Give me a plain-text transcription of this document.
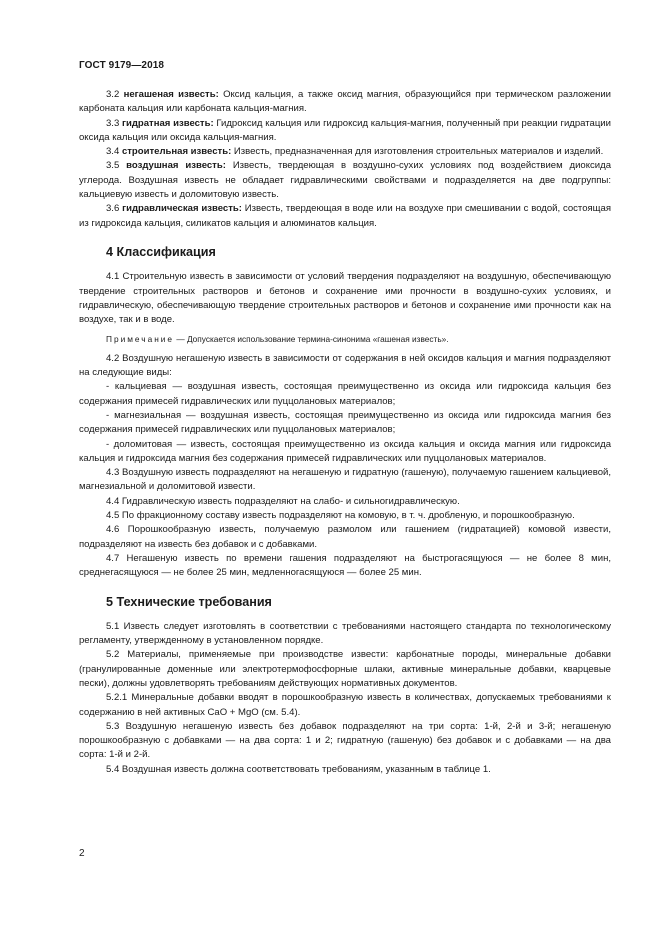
ГОСТ 9179—2018

3.2 негашеная известь: Оксид кальция, а также оксид магния, образующийся при термическом разложении карбоната кальция или карбоната кальция-магния.

3.3 гидратная известь: Гидроксид кальция или гидроксид кальция-магния, полученный при реакции гидратации оксида кальция или оксида кальция-магния.

3.4 строительная известь: Известь, предназначенная для изготовления строительных материалов и изделий.

3.5 воздушная известь: Известь, твердеющая в воздушно-сухих условиях под воздействием диоксида углерода. Воздушная известь не обладает гидравлическими свойствами и подразделяется на две подгруппы: кальциевую известь и доломитовую известь.

3.6 гидравлическая известь: Известь, твердеющая в воде или на воздухе при смешивании с водой, состоящая из гидроксида кальция, силикатов кальция и алюминатов кальция.

4 Классификация

4.1 Строительную известь в зависимости от условий твердения подразделяют на воздушную, обеспечивающую твердение строительных растворов и бетонов и сохранение ими прочности в воздушно-сухих условиях, и гидравлическую, обеспечивающую твердение строительных растворов и бетонов и сохранение ими прочности как на воздухе, так и в воде.

Примечание — Допускается использование термина-синонима «гашеная известь».

4.2 Воздушную негашеную известь в зависимости от содержания в ней оксидов кальция и магния подразделяют на следующие виды:

- кальциевая — воздушная известь, состоящая преимущественно из оксида или гидроксида кальция без содержания примесей гидравлических или пуццолановых материалов;

- магнезиальная — воздушная известь, состоящая преимущественно из оксида или гидроксида магния без содержания примесей гидравлических или пуццолановых материалов;

- доломитовая — известь, состоящая преимущественно из оксида кальция и оксида магния или гидроксида кальция и гидроксида магния без содержания примесей гидравлических или пуццолановых материалов.

4.3 Воздушную известь подразделяют на негашеную и гидратную (гашеную), получаемую гашением кальциевой, магнезиальной и доломитовой извести.

4.4 Гидравлическую известь подразделяют на слабо- и сильногидравлическую.

4.5 По фракционному составу известь подразделяют на комовую, в т. ч. дробленую, и порошкообразную.

4.6 Порошкообразную известь, получаемую размолом или гашением (гидратацией) комовой извести, подразделяют на известь без добавок и с добавками.

4.7 Негашеную известь по времени гашения подразделяют на быстрогасящуюся — не более 8 мин, среднегасящуюся — не более 25 мин, медленногасящуюся — более 25 мин.

5 Технические требования

5.1 Известь следует изготовлять в соответствии с требованиями настоящего стандарта по технологическому регламенту, утвержденному в установленном порядке.

5.2 Материалы, применяемые при производстве извести: карбонатные породы, минеральные добавки (гранулированные доменные или электротермофосфорные шлаки, активные минеральные добавки, кварцевые пески), должны удовлетворять требованиям действующих нормативных документов.

5.2.1 Минеральные добавки вводят в порошкообразную известь в количествах, допускаемых требованиями к содержанию в ней активных CaO + MgO (см. 5.4).

5.3 Воздушную негашеную известь без добавок подразделяют на три сорта: 1-й, 2-й и 3-й; негашеную порошкообразную с добавками — на два сорта: 1 и 2; гидратную (гашеную) без добавок и с добавками — на два сорта: 1-й и 2-й.

5.4 Воздушная известь должна соответствовать требованиям, указанным в таблице 1.

2
